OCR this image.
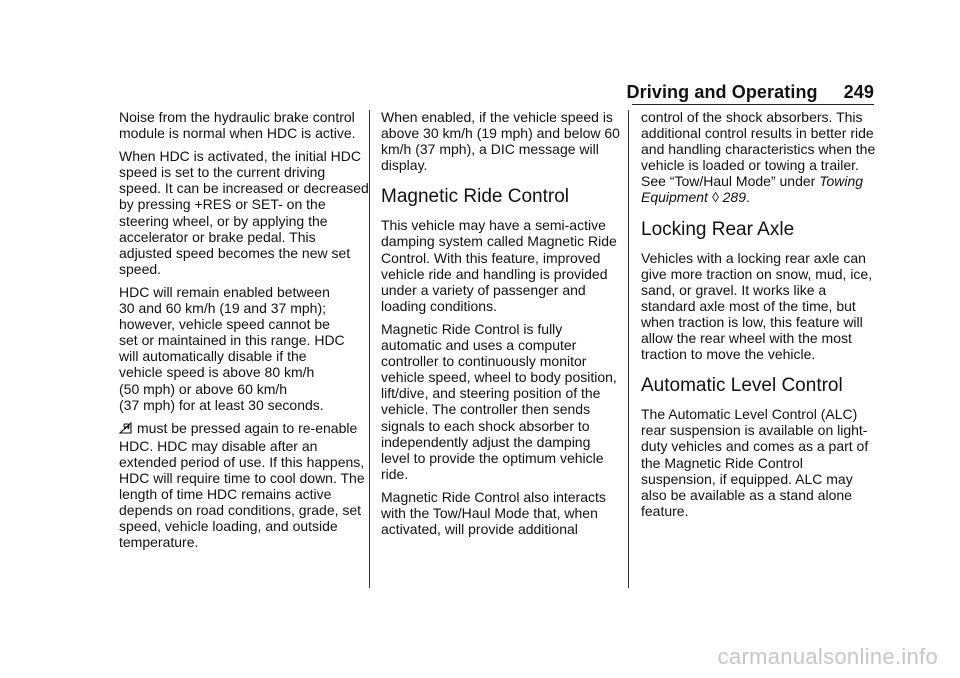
Driving and Operating 249

Noise from the hydraulic brake control module is normal when HDC is active.

When HDC is activated, the initial HDC speed is set to the current driving speed. It can be increased or decreased by pressing +RES or SET- on the steering wheel, or by applying the accelerator or brake pedal. This adjusted speed becomes the new set speed.

HDC will remain enabled between
30 and 60 km/h (19 and 37 mph);
however, vehicle speed cannot be
set or maintained in this range. HDC
will automatically disable if the
vehicle speed is above 80 km/h
(50 mph) or above 60 km/h
(37 mph) for at least 30 seconds.

must be pressed again to re-enable HDC. HDC may disable after an extended period of use. If this happens, HDC will require time to cool down. The length of time HDC remains active depends on road conditions, grade, set speed, vehicle loading, and outside temperature.

When enabled, if the vehicle speed is above 30 km/h (19 mph) and below 60 km/h (37 mph), a DIC message will display.

Magnetic Ride Control

This vehicle may have a semi-active damping system called Magnetic Ride Control. With this feature, improved vehicle ride and handling is provided under a variety of passenger and loading conditions.

Magnetic Ride Control is fully automatic and uses a computer controller to continuously monitor vehicle speed, wheel to body position, lift/dive, and steering position of the vehicle. The controller then sends signals to each shock absorber to independently adjust the damping level to provide the optimum vehicle ride.

Magnetic Ride Control also interacts with the Tow/Haul Mode that, when activated, will provide additional

control of the shock absorbers. This additional control results in better ride and handling characteristics when the vehicle is loaded or towing a trailer. See “Tow/Haul Mode” under Towing Equipment ◊ 289.

Locking Rear Axle

Vehicles with a locking rear axle can give more traction on snow, mud, ice, sand, or gravel. It works like a standard axle most of the time, but when traction is low, this feature will allow the rear wheel with the most traction to move the vehicle.

Automatic Level Control

The Automatic Level Control (ALC) rear suspension is available on light-duty vehicles and comes as a part of the Magnetic Ride Control suspension, if equipped. ALC may also be available as a stand alone feature.

carmanualsonline.info
